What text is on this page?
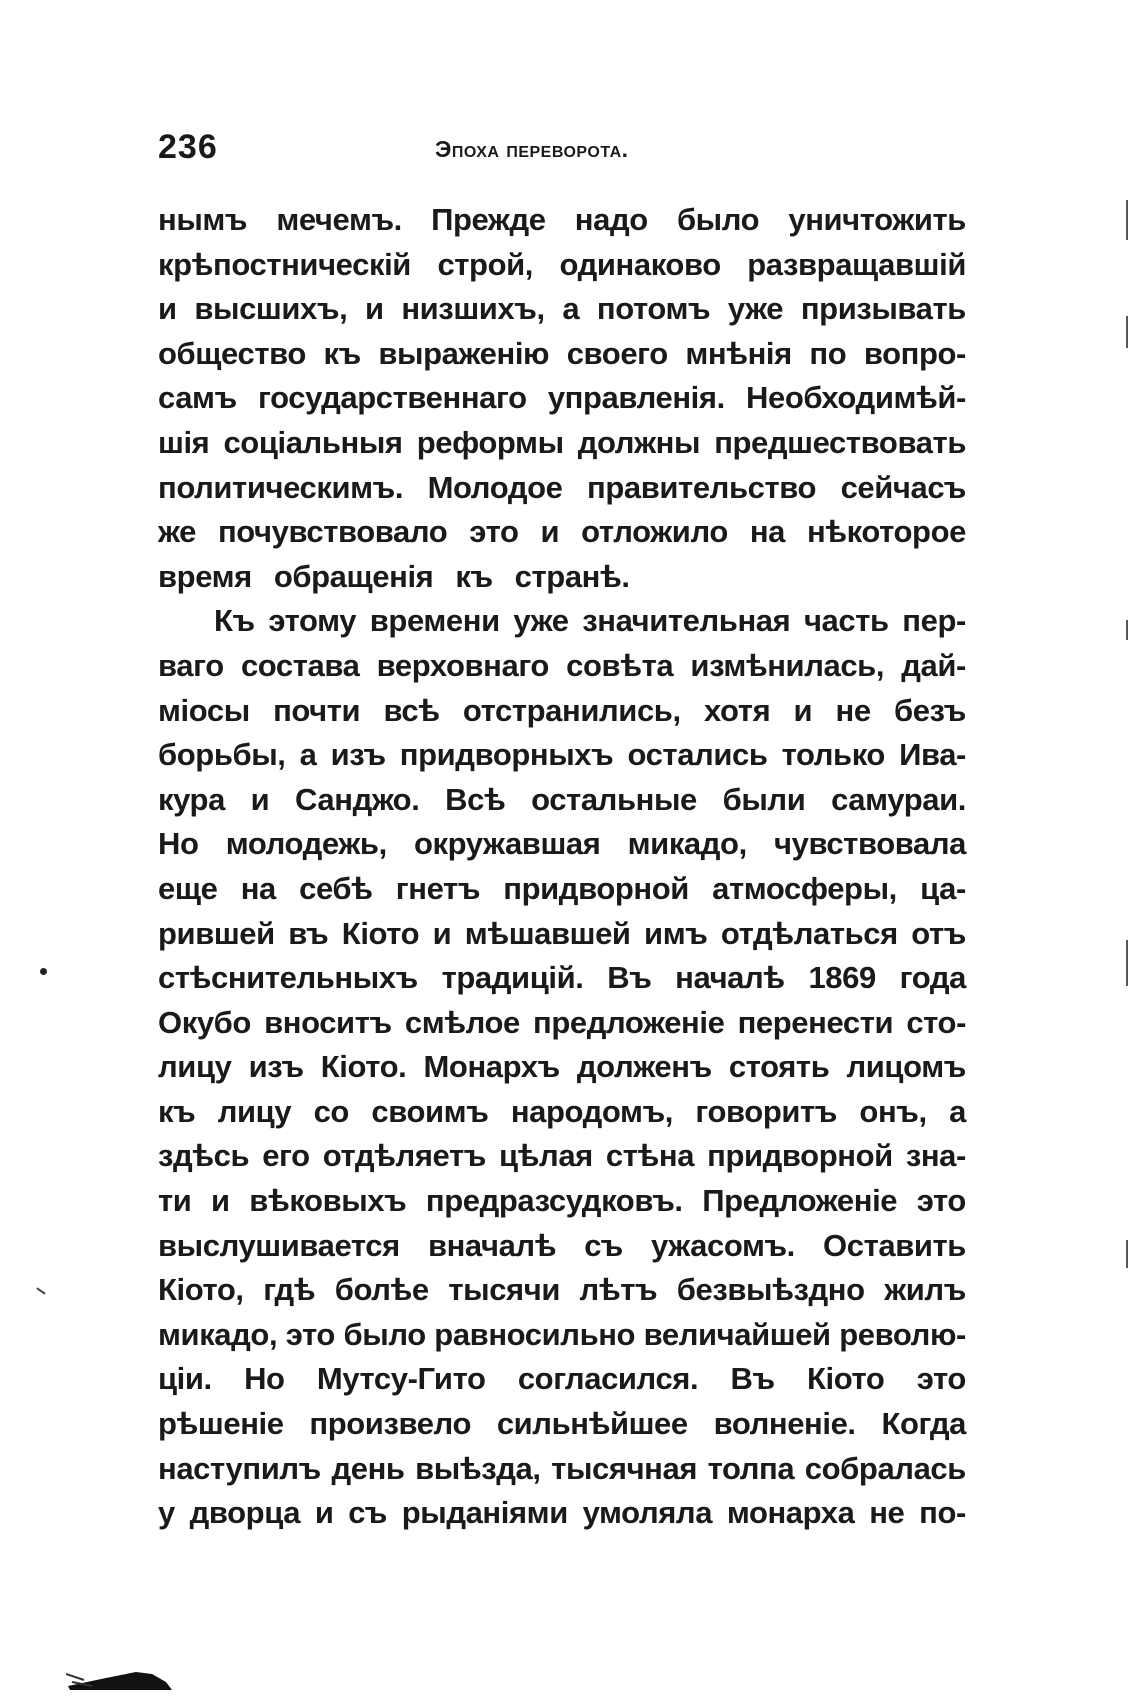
236	Эпоха переворота.
нымъ мечемъ. Прежде надо было уничтожить
крѣпостническій строй, одинаково развращавшій
и высшихъ, и низшихъ, а потомъ уже призывать
общество къ выраженію своего мнѣнія по вопро-
самъ государственнаго управленія. Необходимѣй-
шія соціальныя реформы должны предшествовать
политическимъ. Молодое правительство сейчасъ
же почувствовало это и отложило на нѣкоторое
время обращенія къ странѣ.
Къ этому времени уже значительная часть пер-
ваго состава верховнаго совѣта измѣнилась, дай-
міосы почти всѣ отстранились, хотя и не безъ
борьбы, а изъ придворныхъ остались только Ива-
кура и Санджо. Всѣ остальные были самураи.
Но молодежь, окружавшая микадо, чувствовала
еще на себѣ гнетъ придворной атмосферы, ца-
рившей въ Кіото и мѣшавшей имъ отдѣлаться отъ
стѣснительныхъ традицій. Въ началѣ 1869 года
Окубо вноситъ смѣлое предложеніе перенести сто-
лицу изъ Кіото. Монархъ долженъ стоять лицомъ
къ лицу со своимъ народомъ, говоритъ онъ, а
здѣсь его отдѣляетъ цѣлая стѣна придворной зна-
ти и вѣковыхъ предразсудковъ. Предложеніе это
выслушивается вначалѣ съ ужасомъ. Оставить
Кіото, гдѣ болѣе тысячи лѣтъ безвыѣздно жилъ
микадо, это было равносильно величайшей револю-
ціи. Но Мутсу-Гито согласился. Въ Кіото это
рѣшеніе произвело сильнѣйшее волненіе. Когда
наступилъ день выѣзда, тысячная толпа собралась
у дворца и съ рыданіями умоляла монарха не по-
